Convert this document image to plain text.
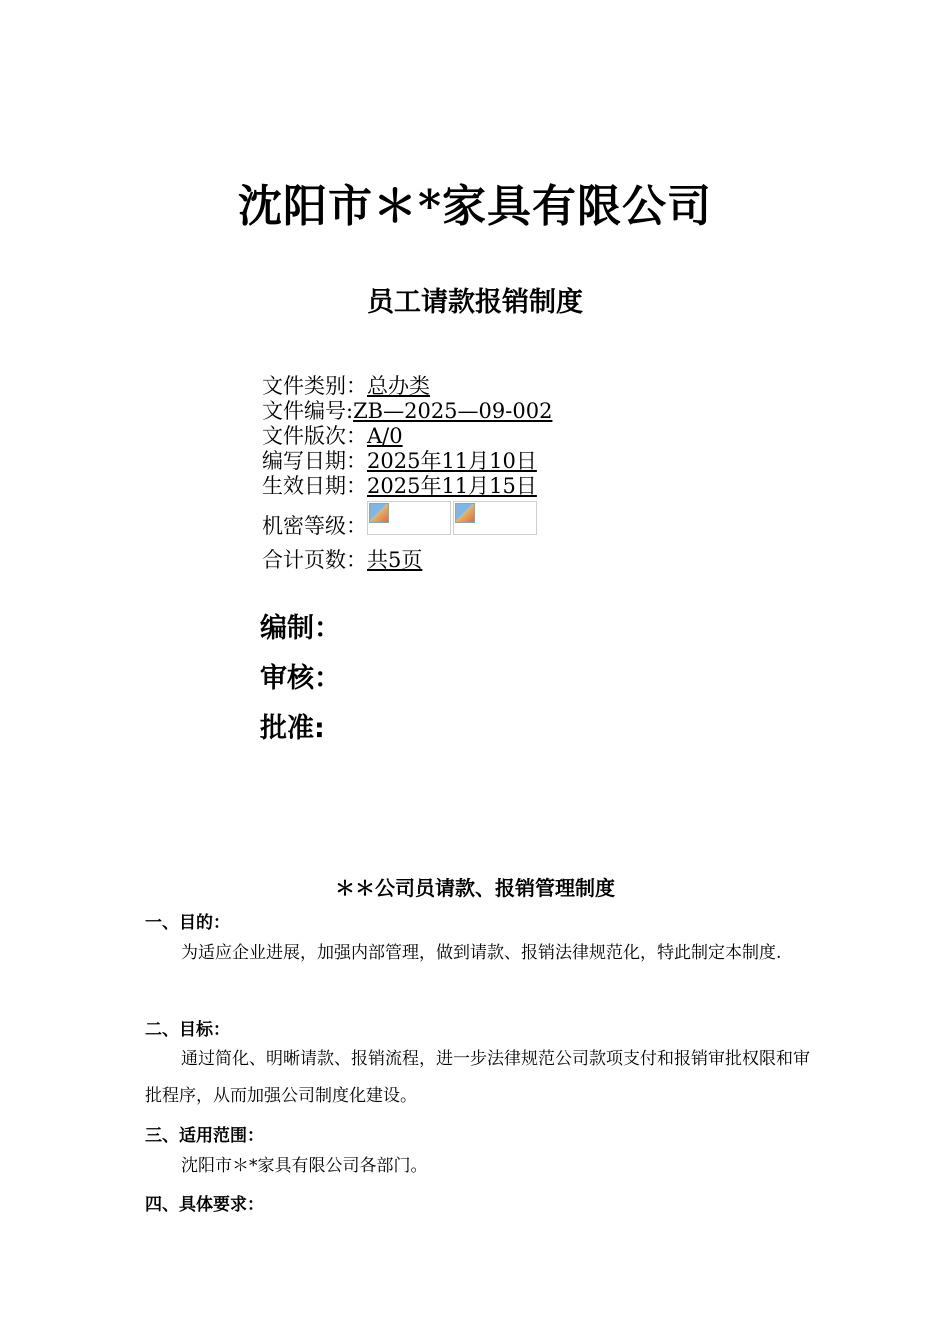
沈阳市＊*家具有限公司
员工请款报销制度
文件类别：总办类
文件编号:ZB—2025—09-002
文件版次：A/0
编写日期：2025年11月10日
生效日期：2025年11月15日
机密等级：
合计页数：共5页
编制：
审核：
批准:
＊＊公司员请款、报销管理制度
一、目的：
为适应企业进展，加强内部管理，做到请款、报销法律规范化，特此制定本制度.
二、目标：
通过简化、明晰请款、报销流程，进一步法律规范公司款项支付和报销审批权限和审批程序，从而加强公司制度化建设。
三、适用范围：
沈阳市＊*家具有限公司各部门。
四、具体要求：
